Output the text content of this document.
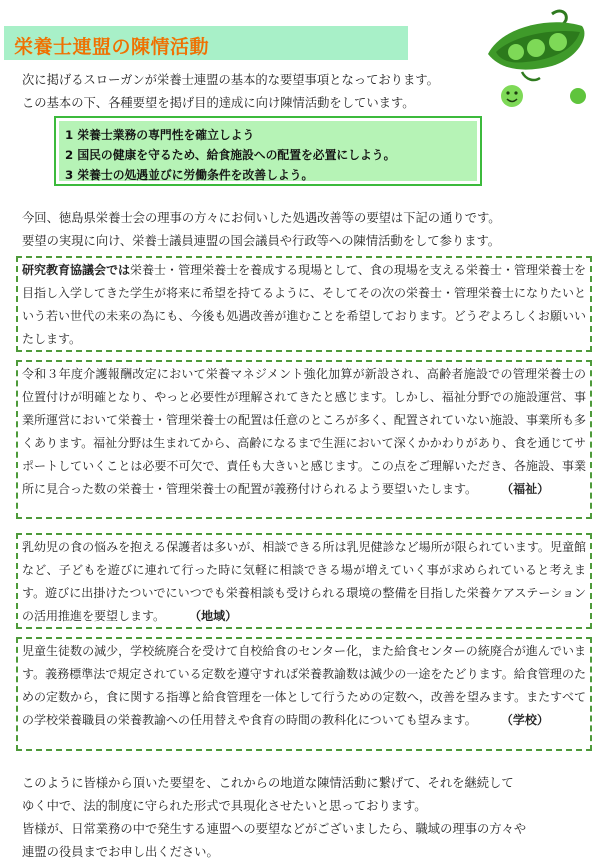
栄養士連盟の陳情活動
次に掲げるスローガンが栄養士連盟の基本的な要望事項となっております。
この基本の下、各種要望を掲げ目的達成に向け陳情活動をしています。
1 栄養士業務の専門性を確立しよう
2 国民の健康を守るため、給食施設への配置を必置にしよう。
3 栄養士の処遇並びに労働条件を改善しよう。
今回、徳島県栄養士会の理事の方々にお伺いした処遇改善等の要望は下記の通りです。
要望の実現に向け、栄養士議員連盟の国会議員や行政等への陳情活動をして参ります。
研究教育協議会では栄養士・管理栄養士を養成する現場として、食の現場を支える栄養士・管理栄養士を目指し入学してきた学生が将来に希望を持てるように、そしてその次の栄養士・管理栄養士になりたいという若い世代の未来の為にも、今後も処遇改善が進むことを希望しております。どうぞよろしくお願いいたします。
令和３年度介護報酬改定において栄養マネジメント強化加算が新設され、高齢者施設での管理栄養士の位置付けが明確となり、やっと必要性が理解されてきたと感じます。しかし、福祉分野での施設運営、事業所運営において栄養士・管理栄養士の配置は任意のところが多く、配置されていない施設、事業所も多くあります。福祉分野は生まれてから、高齢になるまで生涯において深くかかわりがあり、食を通じてサポートしていくことは必要不可欠で、責任も大きいと感じます。この点をご理解いただき、各施設、事業所に見合った数の栄養士・管理栄養士の配置が義務付けられるよう要望いたします。　　　	（福祉）
乳幼児の食の悩みを抱える保護者は多いが、相談できる所は乳児健診など場所が限られています。児童館など、子どもを遊びに連れて行った時に気軽に相談できる場が増えていく事が求められていると考えます。遊びに出掛けたついでにいつでも栄養相談も受けられる環境の整備を目指した栄養ケアステーションの活用推進を要望します。　　　	（地域）
児童生徒数の減少，学校統廃合を受けて自校給食のセンター化，また給食センターの統廃合が進んでいます。義務標準法で規定されている定数を遵守すれば栄養教諭数は減少の一途をたどります。給食管理のための定数から，食に関する指導と給食管理を一体として行うための定数へ，改善を望みます。またすべての学校栄養職員の栄養教諭への任用替えや食育の時間の教科化についても望みます。　　　	（学校）
このように皆様から頂いた要望を、これからの地道な陳情活動に繋げて、それを継続して
ゆく中で、法的制度に守られた形式で具現化させたいと思っております。
皆様が、日常業務の中で発生する連盟への要望などがございましたら、職域の理事の方々や
連盟の役員までお申し出ください。
